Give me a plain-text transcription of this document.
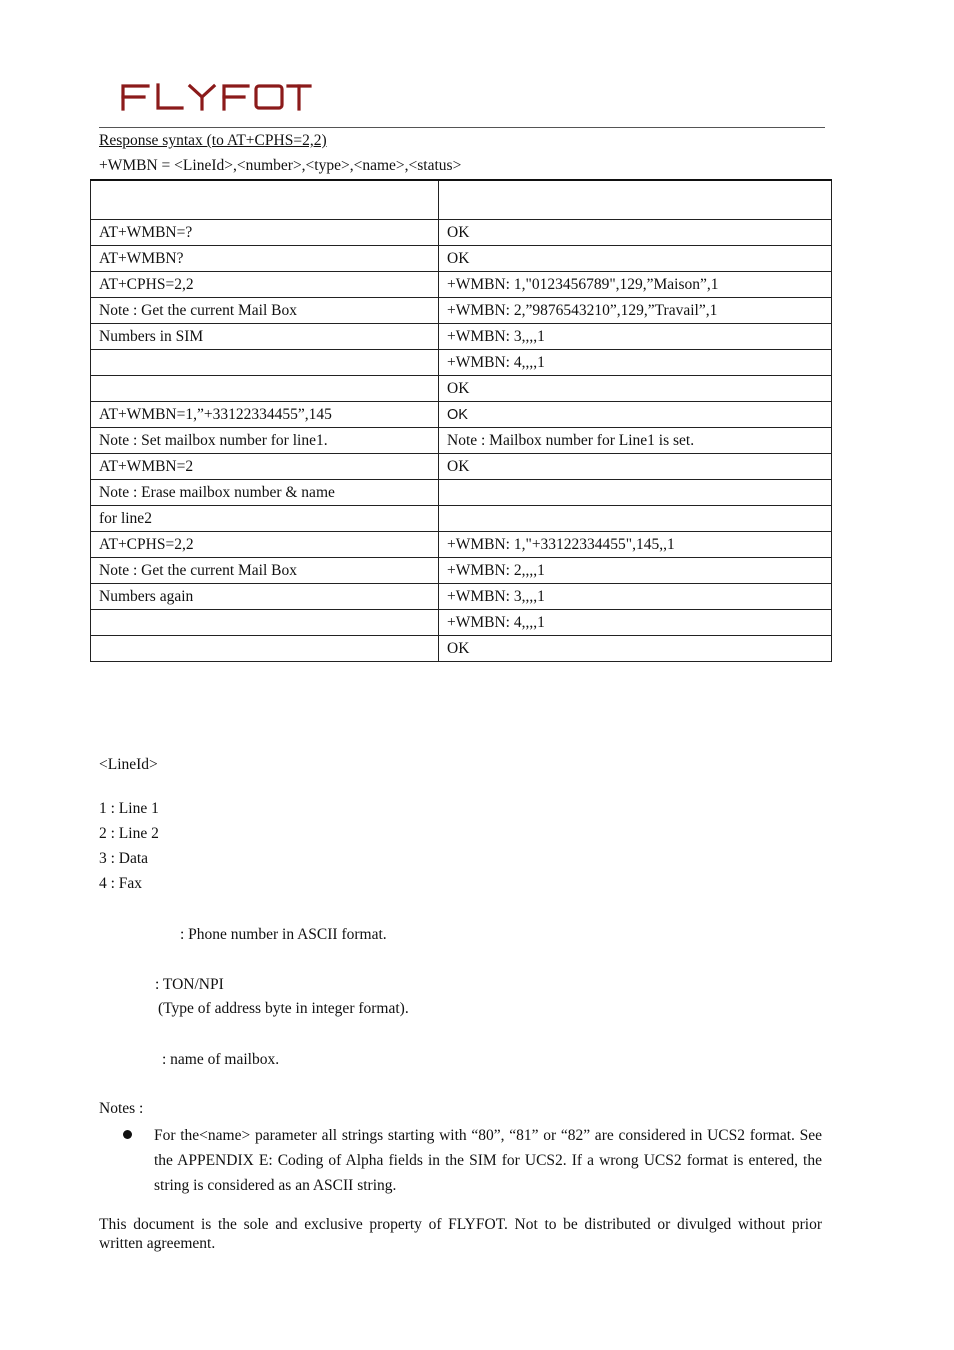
Response syntax (to AT+CPHS=2,2)
+WMBN = <LineId>,<number>,<type>,<name>,<status>

AT+WMBN=?	OK
AT+WMBN?	OK
AT+CPHS=2,2	+WMBN: 1,"0123456789",129,”Maison”,1
Note : Get the current Mail Box	+WMBN: 2,”9876543210”,129,”Travail”,1
Numbers in SIM	+WMBN: 3,,,,1
	+WMBN: 4,,,,1
	OK
AT+WMBN=1,”+33122334455”,145	OK
Note : Set mailbox number for line1.	Note : Mailbox number for Line1 is set.
AT+WMBN=2	OK
Note : Erase mailbox number & name	
for line2	
AT+CPHS=2,2	+WMBN: 1,"+33122334455",145,,1
Note : Get the current Mail Box	+WMBN: 2,,,,1
Numbers again	+WMBN: 3,,,,1
	+WMBN: 4,,,,1
	OK
<LineId>
1 : Line 1
2 : Line 2
3 : Data
4 : Fax
: Phone number in ASCII format.
: TON/NPI
(Type of address byte in integer format).
: name of mailbox.
Notes :
For the<name> parameter all strings starting with “80”, “81” or “82” are considered in UCS2 format. See the APPENDIX E: Coding of Alpha fields in the SIM for UCS2. If a wrong UCS2 format is entered, the string is considered as an ASCII string.
This document is the sole and exclusive property of FLYFOT. Not to be distributed or divulged without prior written agreement.
